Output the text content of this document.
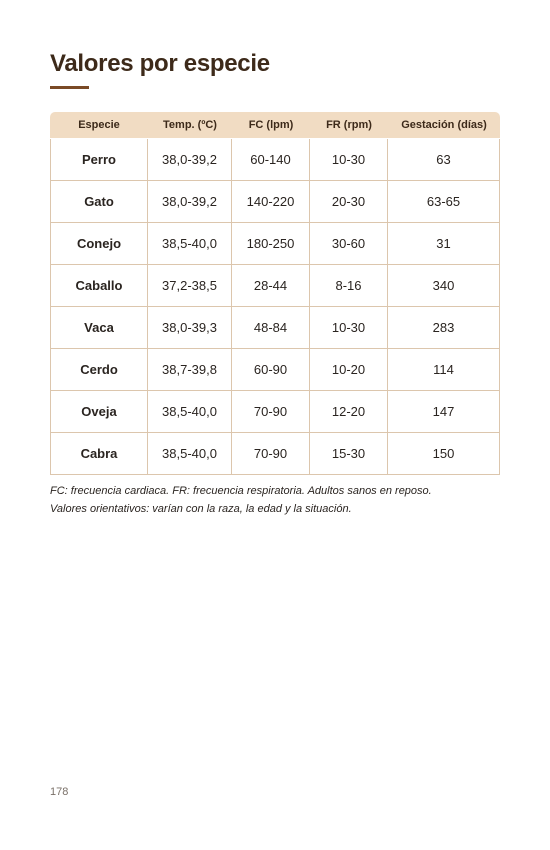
Valores por especie
Especie	Temp. (ºC)	FC (lpm)	FR (rpm)	Gestación (días)

Perro	38,0-39,2	60-140	10-30	63
Gato	38,0-39,2	140-220	20-30	63-65
Conejo	38,5-40,0	180-250	30-60	31
Caballo	37,2-38,5	28-44	8-16	340
Vaca	38,0-39,3	48-84	10-30	283
Cerdo	38,7-39,8	60-90	10-20	114
Oveja	38,5-40,0	70-90	12-20	147
Cabra	38,5-40,0	70-90	15-30	150

FC: frecuencia cardiaca. FR: frecuencia respiratoria. Adultos sanos en reposo.

Valores orientativos: varían con la raza, la edad y la situación.

178
